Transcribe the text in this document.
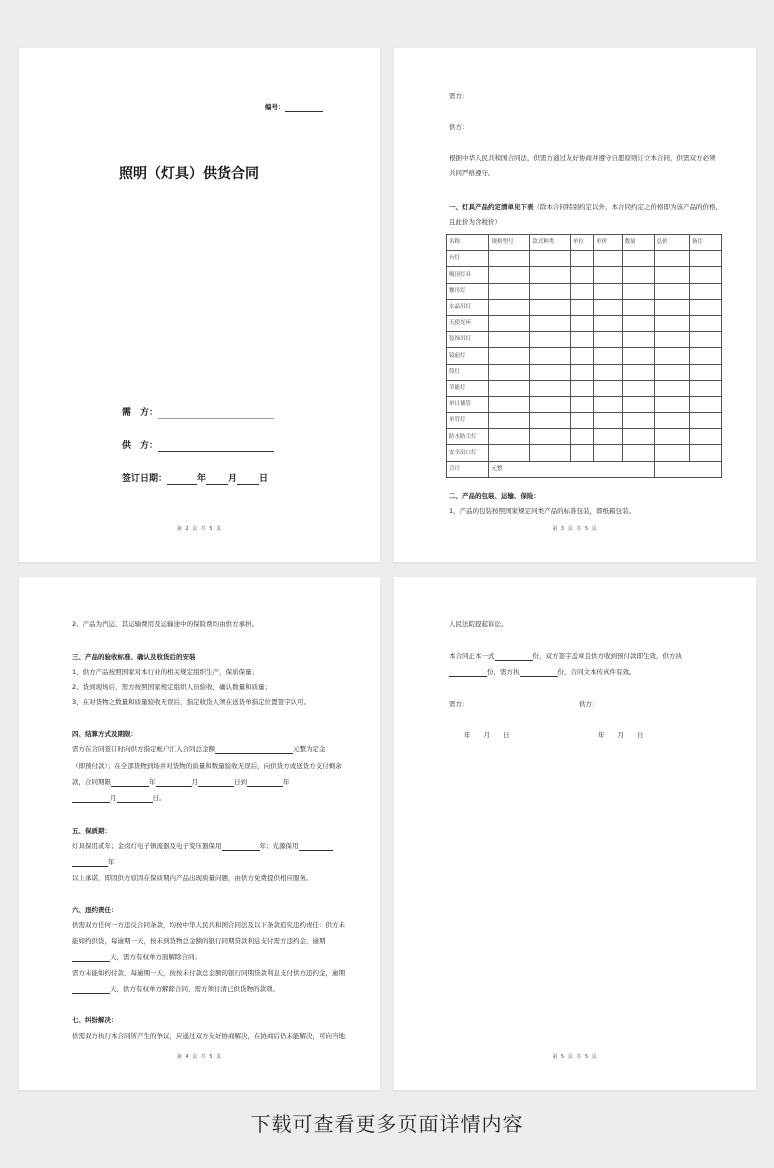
编号：
照明（灯具）供货合同
需　方：
供　方：
签订日期：	年 月 日
第 2 页 共 5 页
需方：
供方：
根据中华人民共和国合同法，供需方通过友好协商并遵守自愿原则订立本合同，供需双方必须
共同严格遵守。
一、灯具产品约定清单见下表（除本合同特别约定以外，本合同约定之价格即为该产品的价格，
且此价为含税价）
名称	规格型号	款式种类	单位	单价	数量	总价	备注
台灯							
吸顶灯具							
餐吊灯							
水晶吊灯							
天使光环							
装饰吊灯							
镜前灯							
筒灯							
节能灯							
单日插管							
单管灯							
防水防尘灯							
安全出口灯							
合计	元整						
二、产品的包装、运输、保险：
1、产品的包装按照国家规定同类产品的标准包装，即纸箱包装。
第 3 页 共 5 页
2、产品为汽运，其运输费用及运输途中的保险费均由供方承担。
三、产品的验收标准、确认及收货后的安装
1、供方产品按照国家对本行业的相关规定组织生产，保质保量；
2、货到现场后，需方按照国家规定组织人员验收，确认数量和质量；
3、在对货物之数量和质量验收无误后，指定收货人须在送货单指定位置签字认可。
四、结算方式及期限：
需方在合同签订时向供方指定帐户汇入合同总金额	元整为定金
（即预付款）；在全部货物到场并对货物的质量和数量验收无误后，向供货方或送货方支付剩余
款，合同期限	年	月	日到	年
月	日。
五、保质期：
灯具保用贰年；金卤灯电子镇流器及电子变压器保用	年；光源保用
年
以上承诺，即因供方原因在保质期内产品出现质量问题，由供方免费提供相应服务。
六、违约责任：
供需双方任何一方违反合同条款，均按中华人民共和国合同法及以下条款追究违约责任：供方未
能如约供货，每逾期一天，按未到货物总金额的银行同期贷款利息支付需方违约金，逾期
天，需方有权单方面解除合同；
需方未能如约付款，每逾期一天，按按未付款总金额的银行同期贷款利息支付供方违约金，逾期
天，供方有权单方解除合同，需方须付清已供货物的款项。
七、纠纷解决：
供需双方执行本合同所产生的争议，应通过双方友好协商解决，在协商后仍未能解决，可向当地
第 4 页 共 5 页
人民法院提起诉讼。
本合同正本一式	份，双方签字盖章且供方收到预付款即生效，供方执
份，需方执	份，合同文本传真件有效。
需方：	供方：
年　　月　　日	年　　月　　日
第 5 页 共 5 页
下载可查看更多页面详情内容
